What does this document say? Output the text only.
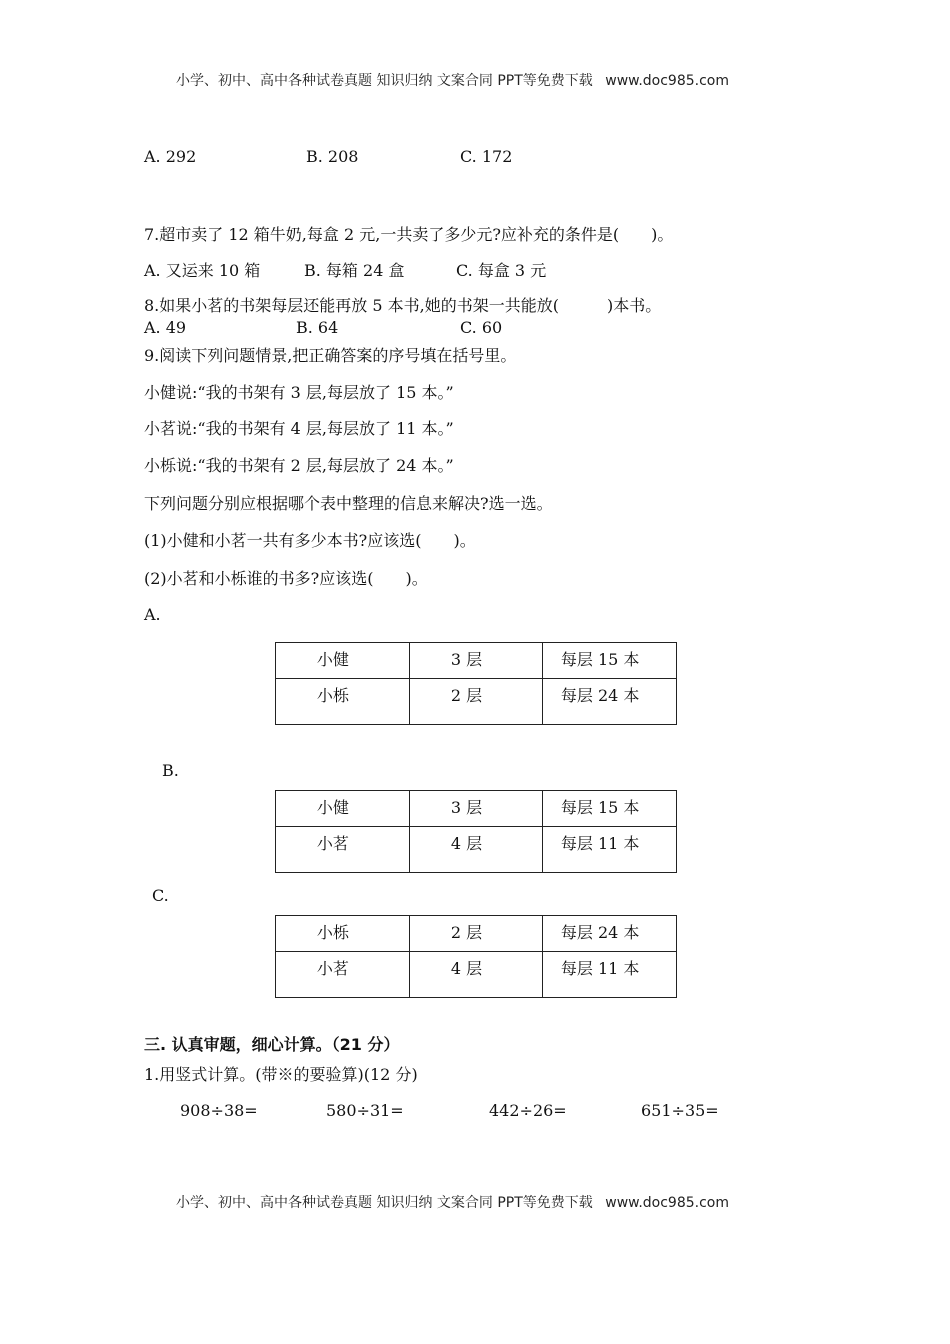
小学、初中、高中各种试卷真题 知识归纳 文案合同 PPT等免费下载 www.doc985.com
A. 292	B. 208	C. 172
7.超市卖了 12 箱牛奶,每盒 2 元,一共卖了多少元?应补充的条件是(　　)。
A. 又运来 10 箱	B. 每箱 24 盒	C. 每盒 3 元
8.如果小茗的书架每层还能再放 5 本书,她的书架一共能放(　　　)本书。
A. 49	B. 64	C. 60
9.阅读下列问题情景,把正确答案的序号填在括号里。
小健说:“我的书架有 3 层,每层放了 15 本。”
小茗说:“我的书架有 4 层,每层放了 11 本。”
小栎说:“我的书架有 2 层,每层放了 24 本。”
下列问题分别应根据哪个表中整理的信息来解决?选一选。
(1)小健和小茗一共有多少本书?应该选(　　)。
(2)小茗和小栎谁的书多?应该选(　　)。
A.
小健	3 层	每层 15 本
小栎	2 层	每层 24 本
B.
小健	3 层	每层 15 本
小茗	4 层	每层 11 本
C.
小栎	2 层	每层 24 本
小茗	4 层	每层 11 本
三. 认真审题，细心计算。（21 分）
1.用竖式计算。(带※的要验算)(12 分)
908÷38=	580÷31=	442÷26=	651÷35=
小学、初中、高中各种试卷真题 知识归纳 文案合同 PPT等免费下载 www.doc985.com
